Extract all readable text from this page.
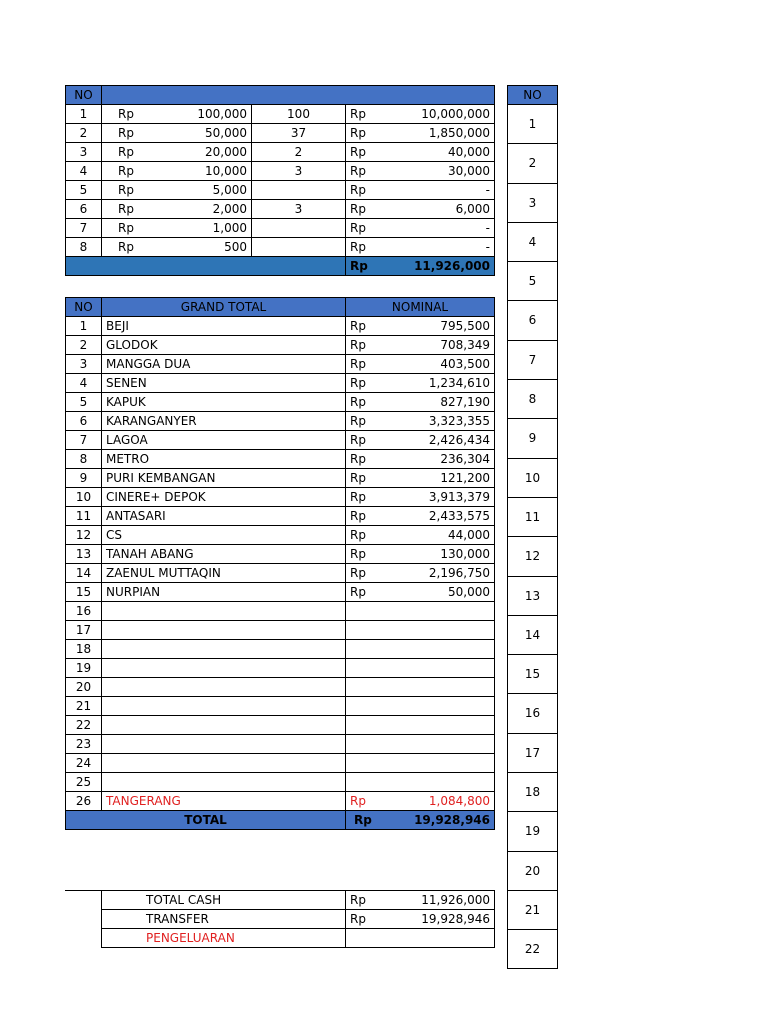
NO			
1	Rp 100,000	100	Rp 10,000,000

2	Rp 50,000	37	Rp 1,850,000

3	Rp 20,000	2	Rp 40,000

4	Rp 10,000	3	Rp 30,000

5	Rp 5,000		Rp -

6	Rp 2,000	3	Rp 6,000

7	Rp 1,000		Rp -

8	Rp 500		Rp -

			Rp 11,926,000
NO	GRAND TOTAL	NOMINAL
1	BEJI	Rp 795,500

2	GLODOK	Rp 708,349

3	MANGGA DUA	Rp 403,500

4	SENEN	Rp 1,234,610

5	KAPUK	Rp 827,190

6	KARANGANYER	Rp 3,323,355

7	LAGOA	Rp 2,426,434

8	METRO	Rp 236,304

9	PURI KEMBANGAN	Rp 121,200

10	CINERE+ DEPOK	Rp 3,913,379

11	ANTASARI	Rp 2,433,575

12	CS	Rp 44,000

13	TANAH ABANG	Rp 130,000

14	ZAENUL MUTTAQIN	Rp 2,196,750

15	NURPIAN	Rp 50,000

16		

17		

18		

19		

20		

21		

22		

23		

24		

25		

26	TANGERANG	Rp 1,084,800

TOTAL		Rp 19,928,946
TOTAL CASH	Rp 11,926,000

TRANSFER	Rp 19,928,946

PENGELUARAN	
NO
1
2
3
4
5
6
7
8
9
10
11
12
13
14
15
16
17
18
19
20
21
22
